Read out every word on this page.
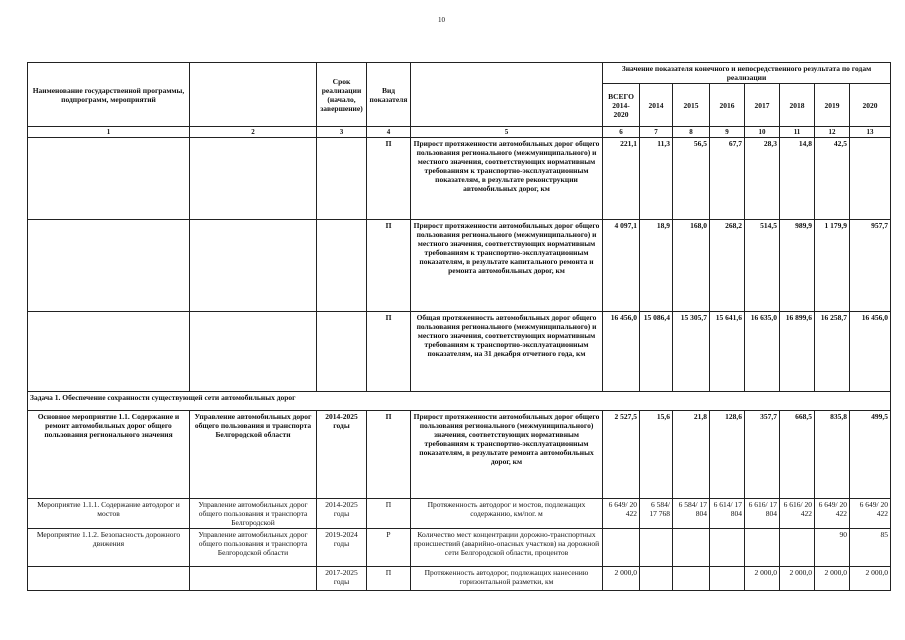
10
Наименование государственной программы, подпрограмм, мероприятий		Срок реализации (начало, завершение)	Вид показателя		Значение показателя конечного и непосредственного результата по годам реализации							
					ВСЕГО 2014-2020	2014	2015	2016	2017	2018	2019	2020
1	2	3	4	5	6	7	8	9	10	11	12	13
			П	Прирост протяженности автомобильных дорог общего пользования регионального (межмуниципального) и местного значения, соответствующих нормативным требованиям к транспортно-эксплуатационным показателям, в результате реконструкции автомобильных дорог, км	221,1	11,3	56,5	67,7	28,3	14,8	42,5	
			П	Прирост протяженности автомобильных дорог общего пользования регионального (межмуниципального) и местного значения, соответствующих нормативным требованиям к транспортно-эксплуатационным показателям, в результате капитального ремонта и ремонта автомобильных дорог, км	4 097,1	18,9	168,0	268,2	514,5	989,9	1 179,9	957,7
			П	Общая протяженность автомобильных дорог общего пользования регионального (межмуниципального) и местного значения, соответствующих нормативным требованиям к транспортно-эксплуатационным показателям, на 31 декабря отчетного года, км	16 456,0	15 086,4	15 305,7	15 641,6	16 635,0	16 899,6	16 258,7	16 456,0
Задача 1. Обеспечение сохранности существующей сети автомобильных дорог												
Основное мероприятие 1.1. Содержание и ремонт автомобильных дорог общего пользования регионального значения	Управление автомобильных дорог общего пользования и транспорта Белгородской области	2014-2025 годы	П	Прирост протяженности автомобильных дорог общего пользования регионального (межмуниципального) значения, соответствующих нормативным требованиям к транспортно-эксплуатационным показателям, в результате ремонта автомобильных дорог, км	2 527,5	15,6	21,8	128,6	357,7	668,5	835,8	499,5
Мероприятие 1.1.1. Содержание автодорог и мостов	Управление автомобильных дорог общего пользования и транспорта Белгородской	2014-2025 годы	П	Протяженность автодорог и мостов, подлежащих содержанию, км/пог. м	6 649/ 20 422	6 584/ 17 768	6 584/ 17 804	6 614/ 17 804	6 616/ 17 804	6 616/ 20 422	6 649/ 20 422	6 649/ 20 422
Мероприятие 1.1.2. Безопасность дорожного движения	Управление автомобильных дорог общего пользования и транспорта Белгородской области	2019-2024 годы	Р	Количество мест концентрации дорожно-транспортных происшествий (аварийно-опасных участков) на дорожной сети Белгородской области, процентов							90	85
		2017-2025 годы	П	Протяженность автодорог, подлежащих нанесению горизонтальной разметки, км	2 000,0				2 000,0	2 000,0	2 000,0	2 000,0
